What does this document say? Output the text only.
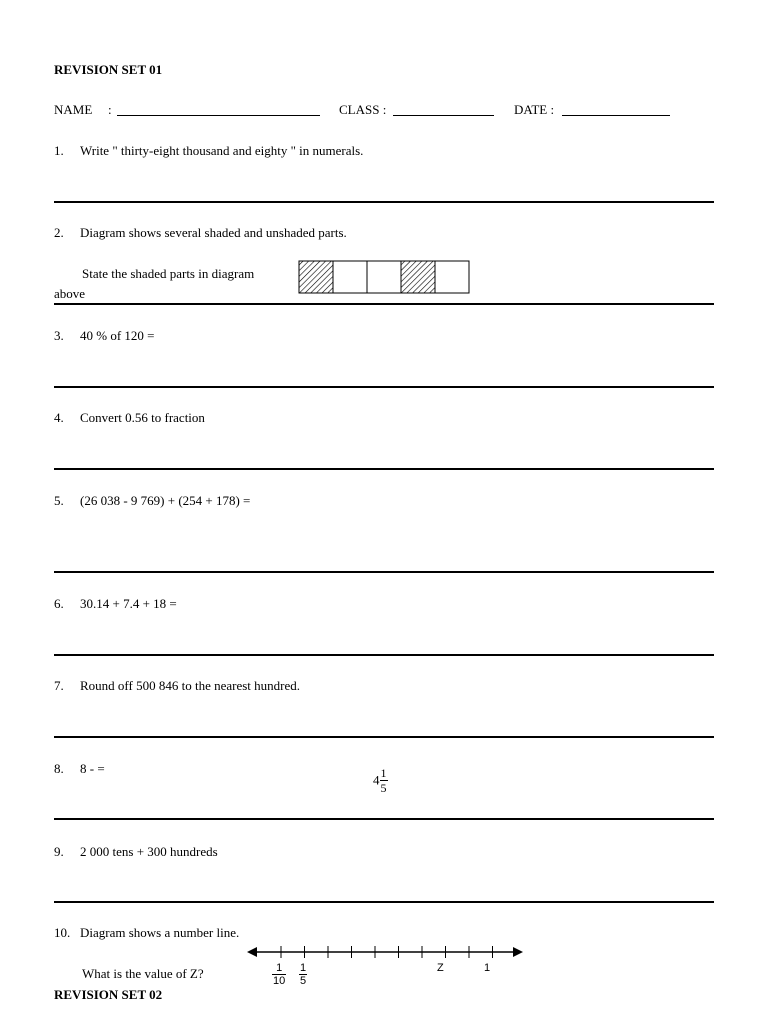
REVISION SET 01
NAME :	CLASS :	DATE :
1. Write " thirty-eight thousand and eighty " in numerals.
2. Diagram shows several shaded and unshaded parts.
State the shaded parts in diagram
above
3. 40 % of 120 =
4. Convert 0.56 to fraction
5. (26 038 - 9 769) + (254 + 178) =
6. 30.14 + 7.4 + 18 =
7. Round off 500 846 to the nearest hundred.
8. 8 - =
$4 \frac{1}{5}$
9. 2 000 tens + 300 hundreds
10. Diagram shows a number line.
What is the value of Z?	$\frac{1}{10} \frac{1}{5}$	Z	1
REVISION SET 02
